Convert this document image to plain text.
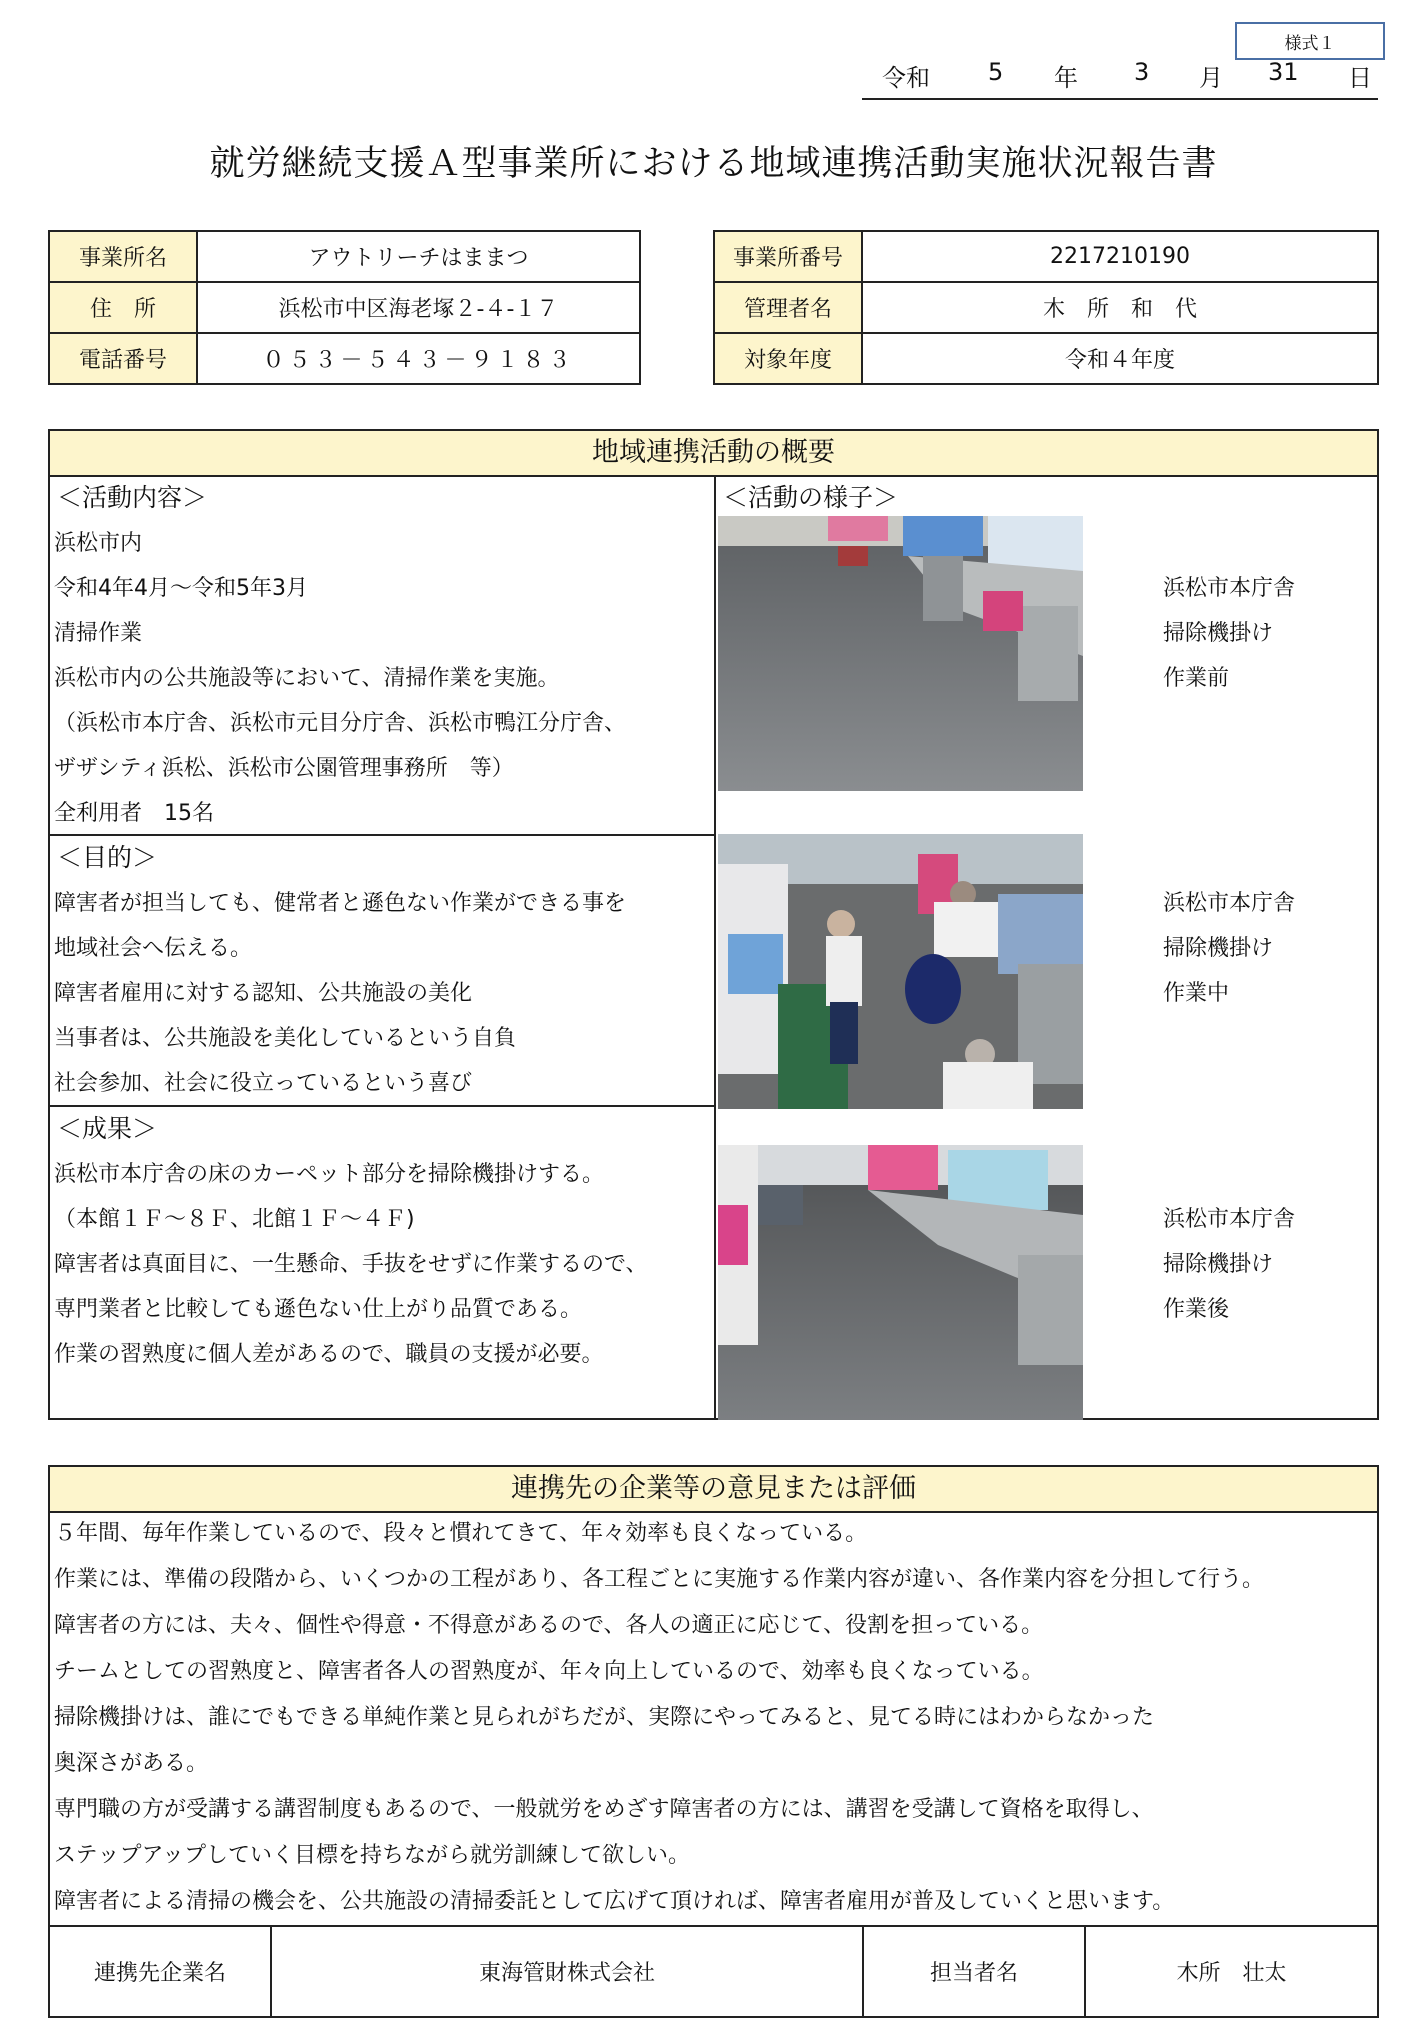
様式１
令和 5 年 3 月 31 日
就労継続支援Ａ型事業所における地域連携活動実施状況報告書
事業所名	アウトリーチはままつ
住　所	浜松市中区海老塚２-４-１７
電話番号	０５３－５４３－９１８３
事業所番号	2217210190
管理者名	木　所　和　代
対象年度	令和４年度
地域連携活動の概要
＜活動内容＞
浜松市内
令和4年4月～令和5年3月
清掃作業
浜松市内の公共施設等において、清掃作業を実施。
（浜松市本庁舎、浜松市元目分庁舎、浜松市鴨江分庁舎、
ザザシティ浜松、浜松市公園管理事務所　等）
全利用者　15名
＜目的＞
障害者が担当しても、健常者と遜色ない作業ができる事を
地域社会へ伝える。
障害者雇用に対する認知、公共施設の美化
当事者は、公共施設を美化しているという自負
社会参加、社会に役立っているという喜び
＜成果＞
浜松市本庁舎の床のカーペット部分を掃除機掛けする。
（本館１Ｆ～８Ｆ、北館１Ｆ～４Ｆ)
障害者は真面目に、一生懸命、手抜をせずに作業するので、
専門業者と比較しても遜色ない仕上がり品質である。
作業の習熟度に個人差があるので、職員の支援が必要。
＜活動の様子＞
浜松市本庁舎
掃除機掛け
作業前
浜松市本庁舎
掃除機掛け
作業中
浜松市本庁舎
掃除機掛け
作業後
連携先の企業等の意見または評価
５年間、毎年作業しているので、段々と慣れてきて、年々効率も良くなっている。
作業には、準備の段階から、いくつかの工程があり、各工程ごとに実施する作業内容が違い、各作業内容を分担して行う。
障害者の方には、夫々、個性や得意・不得意があるので、各人の適正に応じて、役割を担っている。
チームとしての習熟度と、障害者各人の習熟度が、年々向上しているので、効率も良くなっている。
掃除機掛けは、誰にでもできる単純作業と見られがちだが、実際にやってみると、見てる時にはわからなかった
奥深さがある。
専門職の方が受講する講習制度もあるので、一般就労をめざす障害者の方には、講習を受講して資格を取得し、
ステップアップしていく目標を持ちながら就労訓練して欲しい。
障害者による清掃の機会を、公共施設の清掃委託として広げて頂ければ、障害者雇用が普及していくと思います。
連携先企業名	東海管財株式会社	担当者名	木所　壮太
